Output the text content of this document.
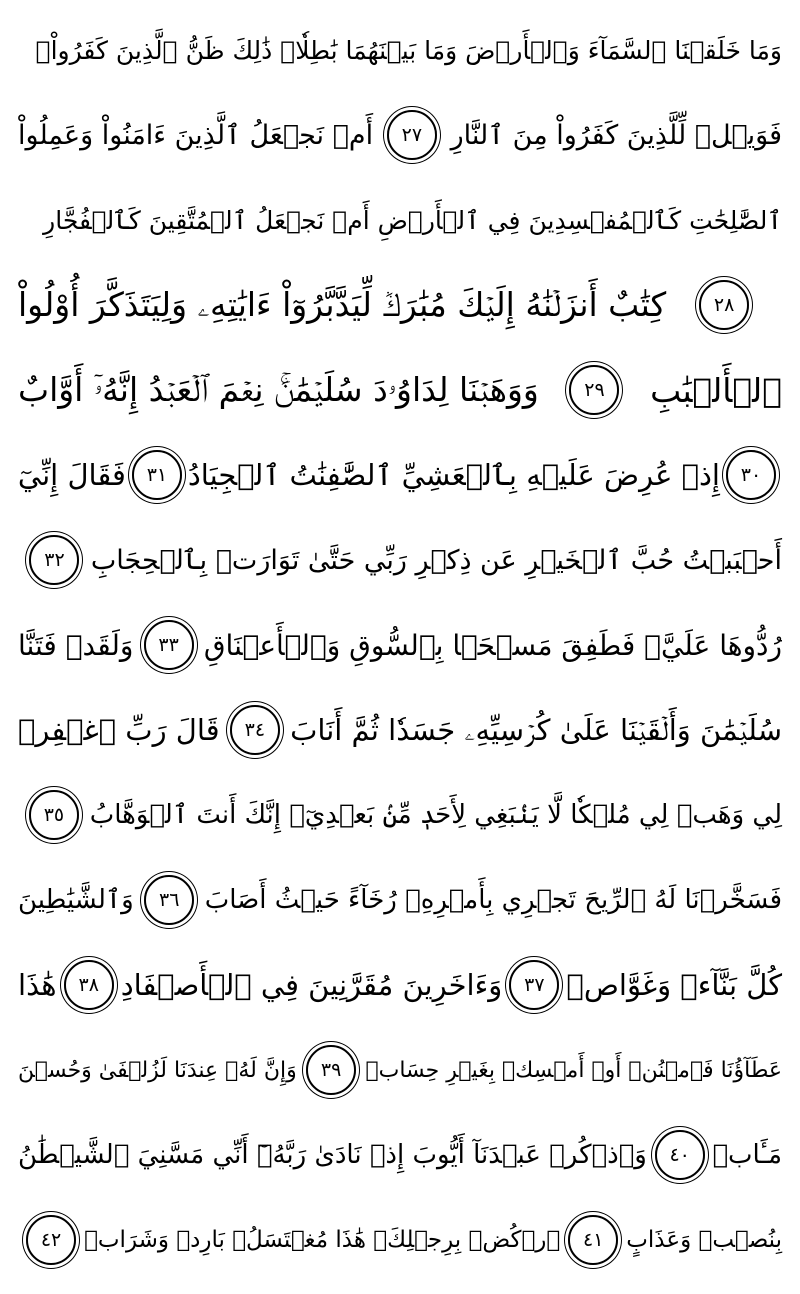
وَمَا خَلَقۡنَا ٱلسَّمَآءَ وَٱلۡأَرۡضَ وَمَا بَيۡنَهُمَا بَٰطِلٗاۚ ذَٰلِكَ ظَنُّ ٱلَّذِينَ كَفَرُواْۚ
فَوَيۡلٞ لِّلَّذِينَ كَفَرُواْ مِنَ ٱلنَّارِ
٢٧
أَمۡ نَجۡعَلُ ٱلَّذِينَ ءَامَنُواْ وَعَمِلُواْ
ٱلصَّٰلِحَٰتِ كَٱلۡمُفۡسِدِينَ فِي ٱلۡأَرۡضِ أَمۡ نَجۡعَلُ ٱلۡمُتَّقِينَ كَٱلۡفُجَّارِ
٢٨
كِتَٰبٌ أَنزَلۡنَٰهُ إِلَيۡكَ مُبَٰرَكٞ لِّيَدَّبَّرُوٓاْ ءَايَٰتِهِۦ وَلِيَتَذَكَّرَ أُوْلُواْ
ٱلۡأَلۡبَٰبِ
٢٩
وَوَهَبۡنَا لِدَاوُۥدَ سُلَيۡمَٰنَۚ نِعۡمَ ٱلۡعَبۡدُ إِنَّهُۥٓ أَوَّابٌ
٣٠
إِذۡ عُرِضَ عَلَيۡهِ بِٱلۡعَشِيِّ ٱلصَّٰفِنَٰتُ ٱلۡجِيَادُ
٣١
فَقَالَ إِنِّيٓ
أَحۡبَبۡتُ حُبَّ ٱلۡخَيۡرِ عَن ذِكۡرِ رَبِّي حَتَّىٰ تَوَارَتۡ بِٱلۡحِجَابِ
٣٢
رُدُّوهَا عَلَيَّۖ فَطَفِقَ مَسۡحَۢا بِٱلسُّوقِ وَٱلۡأَعۡنَاقِ
٣٣
وَلَقَدۡ فَتَنَّا
سُلَيۡمَٰنَ وَأَلۡقَيۡنَا عَلَىٰ كُرۡسِيِّهِۦ جَسَدٗا ثُمَّ أَنَابَ
٣٤
قَالَ رَبِّ ٱغۡفِرۡ
لِي وَهَبۡ لِي مُلۡكٗا لَّا يَنۢبَغِي لِأَحَدٖ مِّنۢ بَعۡدِيٓۖ إِنَّكَ أَنتَ ٱلۡوَهَّابُ
٣٥
فَسَخَّرۡنَا لَهُ ٱلرِّيحَ تَجۡرِي بِأَمۡرِهِۦ رُخَآءً حَيۡثُ أَصَابَ
٣٦
وَٱلشَّيَٰطِينَ
كُلَّ بَنَّآءٖ وَغَوَّاصٖ
٣٧
وَءَاخَرِينَ مُقَرَّنِينَ فِي ٱلۡأَصۡفَادِ
٣٨
هَٰذَا
عَطَآؤُنَا فَٱمۡنُنۡ أَوۡ أَمۡسِكۡ بِغَيۡرِ حِسَابٖ
٣٩
وَإِنَّ لَهُۥ عِندَنَا لَزُلۡفَىٰ وَحُسۡنَ
مَـَٔابٖ
٤٠
وَٱذۡكُرۡ عَبۡدَنَآ أَيُّوبَ إِذۡ نَادَىٰ رَبَّهُۥٓ أَنِّي مَسَّنِيَ ٱلشَّيۡطَٰنُ
بِنُصۡبٖ وَعَذَابٍ
٤١
ٱرۡكُضۡ بِرِجۡلِكَۖ هَٰذَا مُغۡتَسَلُۢ بَارِدٞ وَشَرَابٞ
٤٢
